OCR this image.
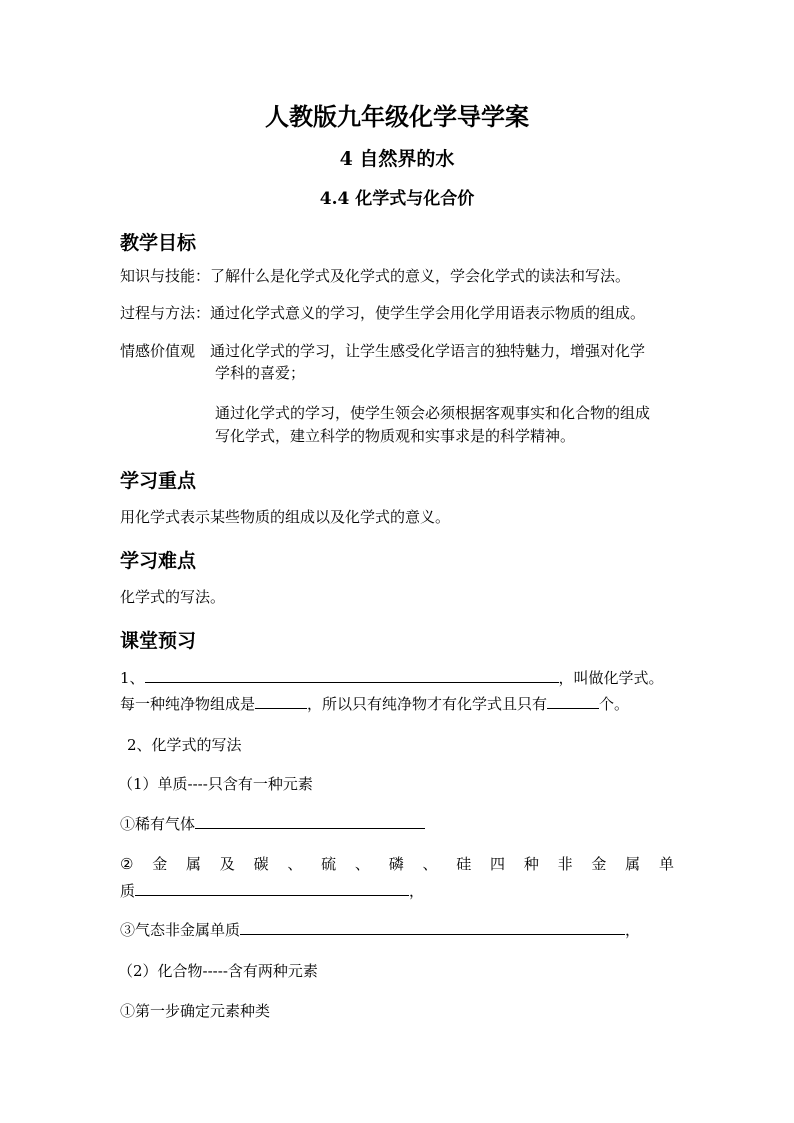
人教版九年级化学导学案
4 自然界的水
4.4 化学式与化合价
教学目标
知识与技能：了解什么是化学式及化学式的意义，学会化学式的读法和写法。
过程与方法：通过化学式意义的学习，使学生学会用化学用语表示物质的组成。
情感价值观 通过化学式的学习，让学生感受化学语言的独特魅力，增强对化学
学科的喜爱；
通过化学式的学习，使学生领会必须根据客观事实和化合物的组成
写化学式，建立科学的物质观和实事求是的科学精神。
学习重点
用化学式表示某些物质的组成以及化学式的意义。
学习难点
化学式的写法。
课堂预习
1、	，叫做化学式。
每一种纯净物组成是	，所以只有纯净物才有化学式且只有	个。
2、化学式的写法
（1）单质----只含有一种元素
①稀有气体
② 金 属 及 碳 、 硫 、 磷 、 硅 四 种 非 金 属 单
质	，
③气态非金属单质	，
（2）化合物-----含有两种元素
①第一步确定元素种类
